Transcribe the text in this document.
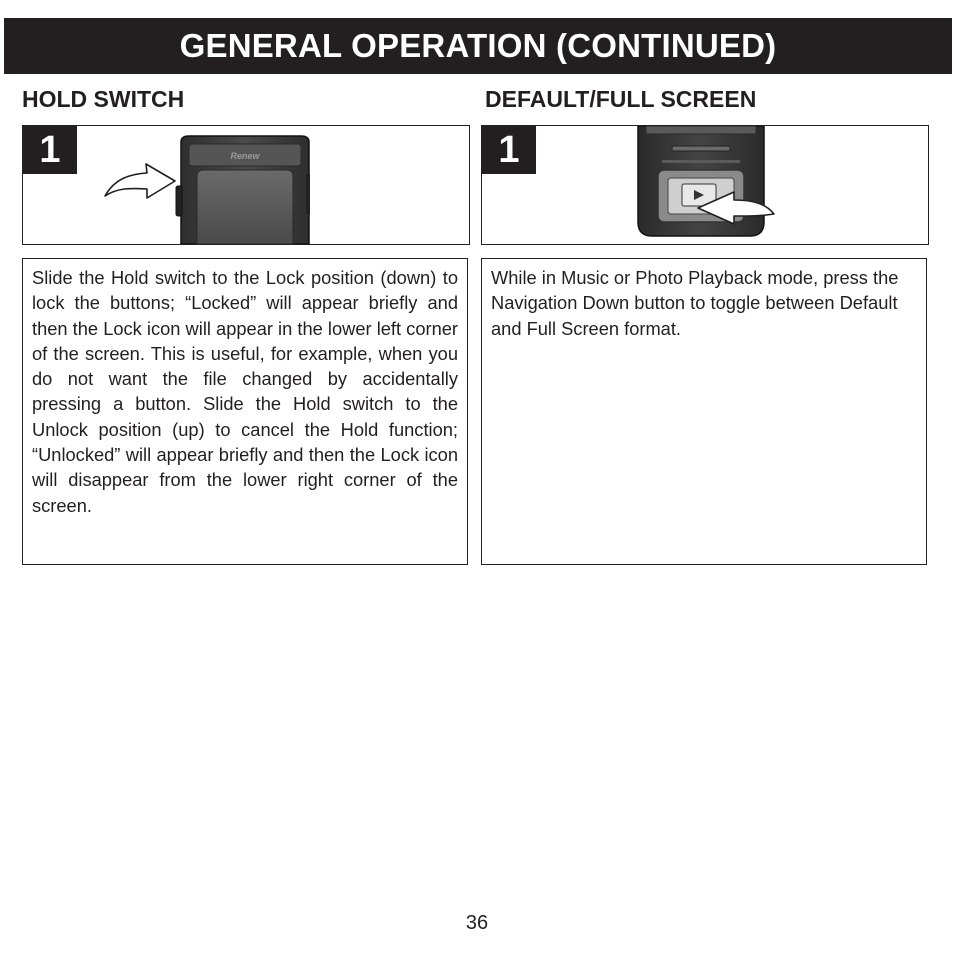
GENERAL OPERATION (CONTINUED)
HOLD SWITCH
Renew
1

Slide the Hold switch to the Lock position (down) to lock the buttons; “Locked” will appear briefly and then the Lock icon will appear in the lower left corner of the screen. This is useful, for example, when you do not want the file changed by accidentally pressing a button. Slide the Hold switch to the Unlock position (up) to cancel the Hold function; “Unlocked” will appear briefly and then the Lock icon will disappear from the lower right corner of the screen.

DEFAULT/FULL SCREEN
1

While in Music or Photo Playback mode, press the Navigation Down button to toggle between Default and Full Screen format.

36
